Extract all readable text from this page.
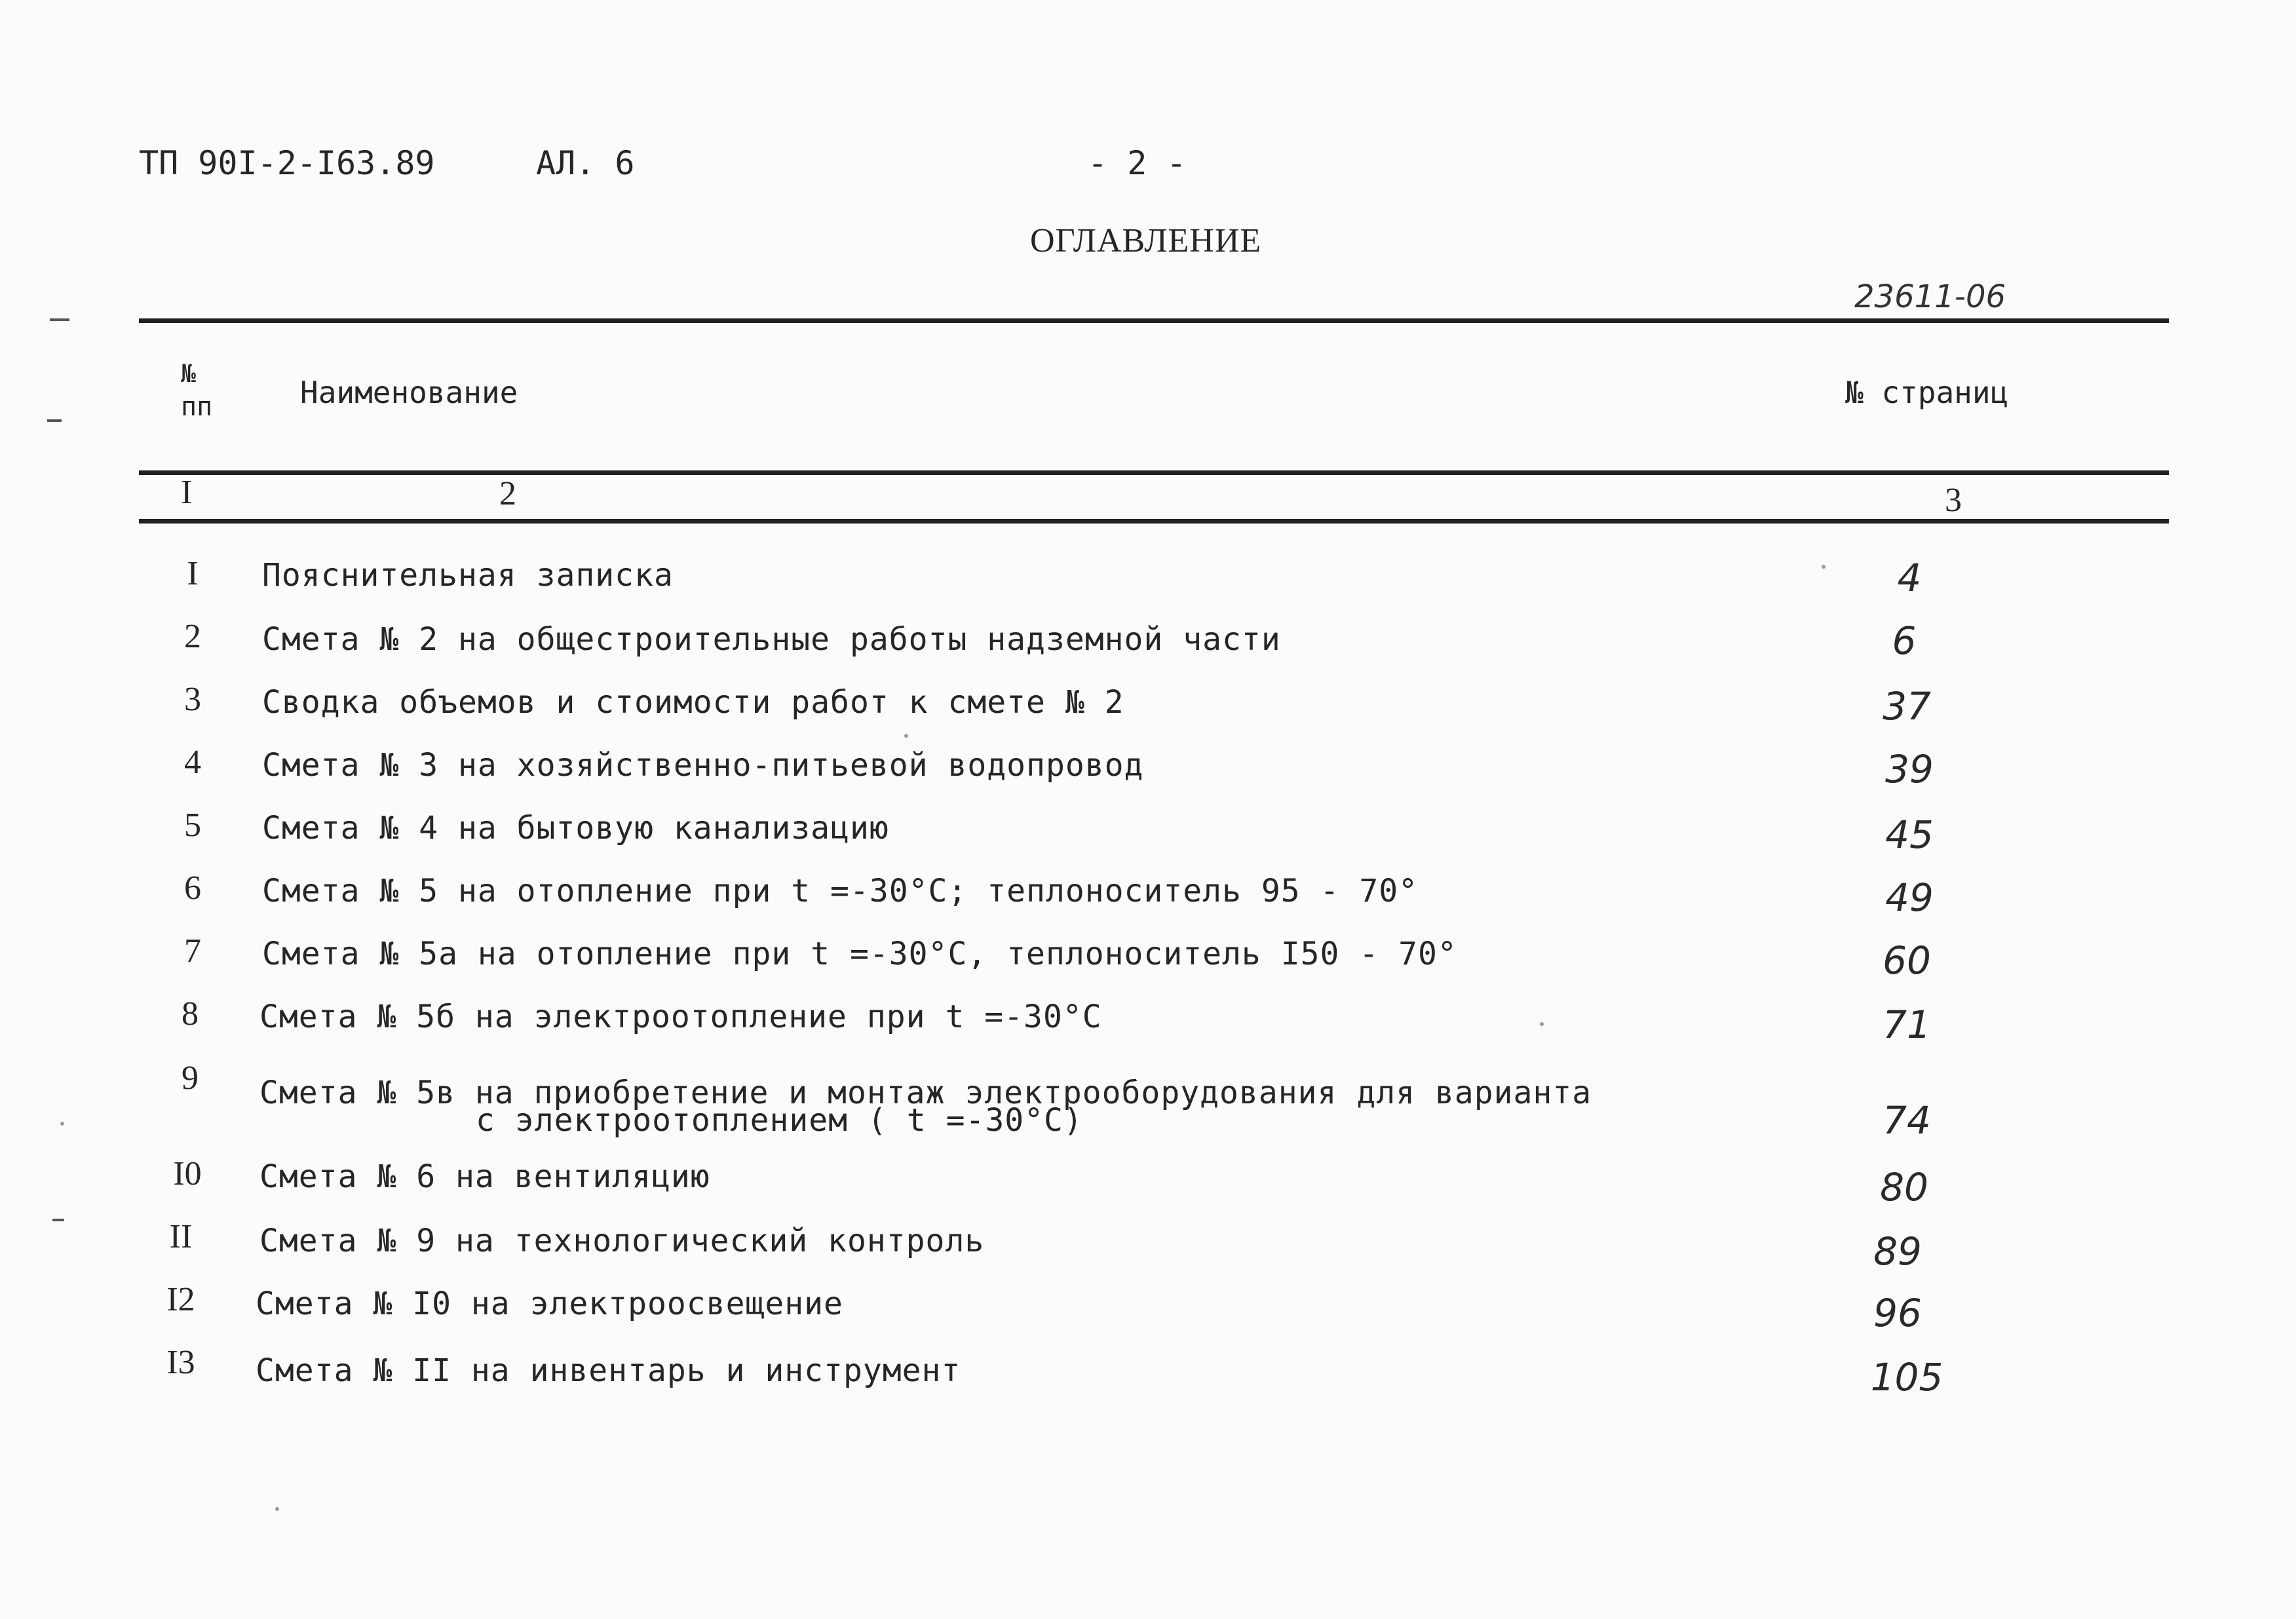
ТП 90I-2-I63.89	АЛ. 6	- 2 -
ОГЛАВЛЕНИЕ
23611-06
№
пп	Наименование	№ страниц
I	2	3
I	Пояснительная записка	4
2	Смета № 2 на общестроительные работы надземной части	6
3	Сводка объемов и стоимости работ к смете № 2	37
4	Смета № 3 на хозяйственно-питьевой водопровод	39
5	Смета № 4 на бытовую канализацию	45
6	Смета № 5 на отопление при t =-30°С; теплоноситель 95 - 70°	49
7	Смета № 5а на отопление при t =-30°С, теплоноситель I50 - 70°	60
8	Смета № 5б на электроотопление при t =-30°С	71
9	Смета № 5в на приобретение и монтаж электрооборудования для варианта
с электроотоплением ( t =-30°С)	74
I0	Смета № 6 на вентиляцию	80
II	Смета № 9 на технологический контроль	89
I2	Смета № I0 на электроосвещение	96
I3	Смета № II на инвентарь и инструмент	105
